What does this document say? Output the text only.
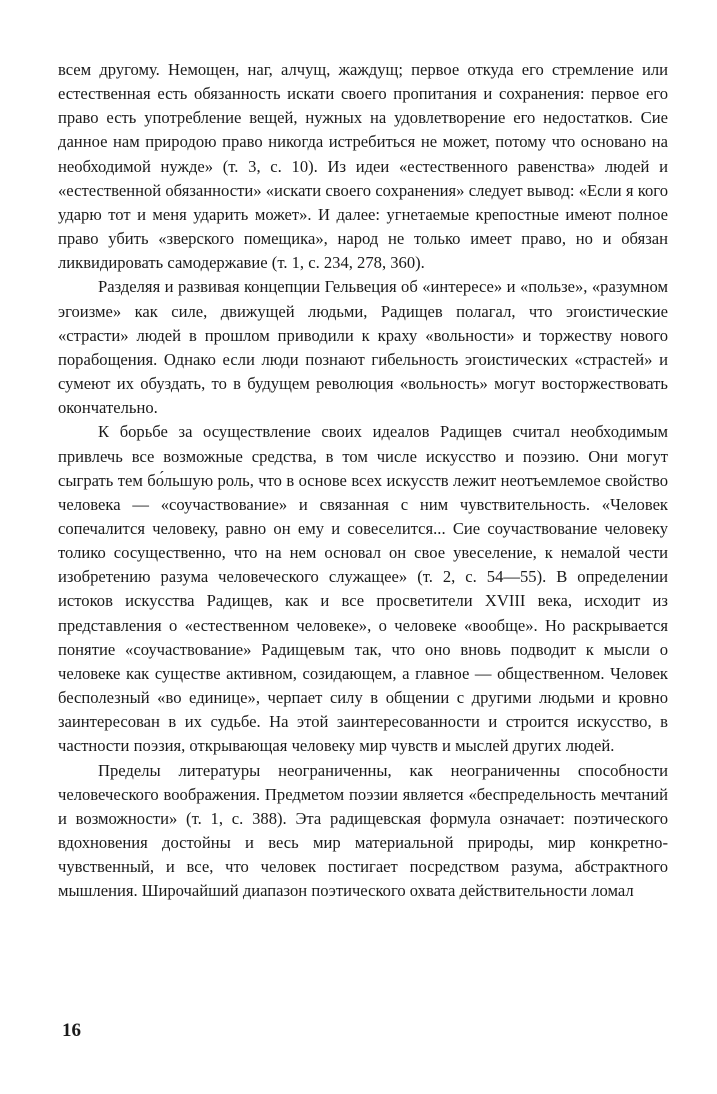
всем другому. Немощен, наг, алчущ, жаждущ; первое откуда его стремление или естественная есть обязанность искати своего пропитания и сохранения: первое его право есть употребление вещей, нужных на удовлетворение его недостатков. Сие данное нам природою право никогда истребиться не может, потому что основано на необходимой нужде» (т. 3, с. 10). Из идеи «естественного равенства» людей и «естественной обязанности» «искати своего сохранения» следует вывод: «Если я кого ударю тот и меня ударить может». И далее: угнетаемые крепостные имеют полное право убить «зверского помещика», народ не только имеет право, но и обязан ликвидировать самодержавие (т. 1, с. 234, 278, 360).

Разделяя и развивая концепции Гельвеция об «интересе» и «пользе», «разумном эгоизме» как силе, движущей людьми, Радищев полагал, что эгоистические «страсти» людей в прошлом приводили к краху «вольности» и торжеству нового порабощения. Однако если люди познают гибельность эгоистических «страстей» и сумеют их обуздать, то в будущем революция «вольность» могут восторжествовать окончательно.

К борьбе за осуществление своих идеалов Радищев считал необходимым привлечь все возможные средства, в том числе искусство и поэзию. Они могут сыграть тем бо́льшую роль, что в основе всех искусств лежит неотъемлемое свойство человека — «соучаствование» и связанная с ним чувствительность. «Человек сопечалится человеку, равно он ему и совеселится... Сие соучаствование человеку толико сосущественно, что на нем основал он свое увеселение, к немалой чести изобретению разума человеческого служащее» (т. 2, с. 54—55). В определении истоков искусства Радищев, как и все просветители XVIII века, исходит из представления о «естественном человеке», о человеке «вообще». Но раскрывается понятие «соучаствование» Радищевым так, что оно вновь подводит к мысли о человеке как существе активном, созидающем, а главное — общественном. Человек бесполезный «во единице», черпает силу в общении с другими людьми и кровно заинтересован в их судьбе. На этой заинтересованности и строится искусство, в частности поэзия, открывающая человеку мир чувств и мыслей других людей.

Пределы литературы неограниченны, как неограниченны способности человеческого воображения. Предметом поэзии является «беспредельность мечтаний и возможности» (т. 1, с. 388). Эта радищевская формула означает: поэтического вдохновения достойны и весь мир материальной природы, мир конкретно-чувственный, и все, что человек постигает посредством разума, абстрактного мышления. Широчайший диапазон поэтического охвата действительности ломал

16
